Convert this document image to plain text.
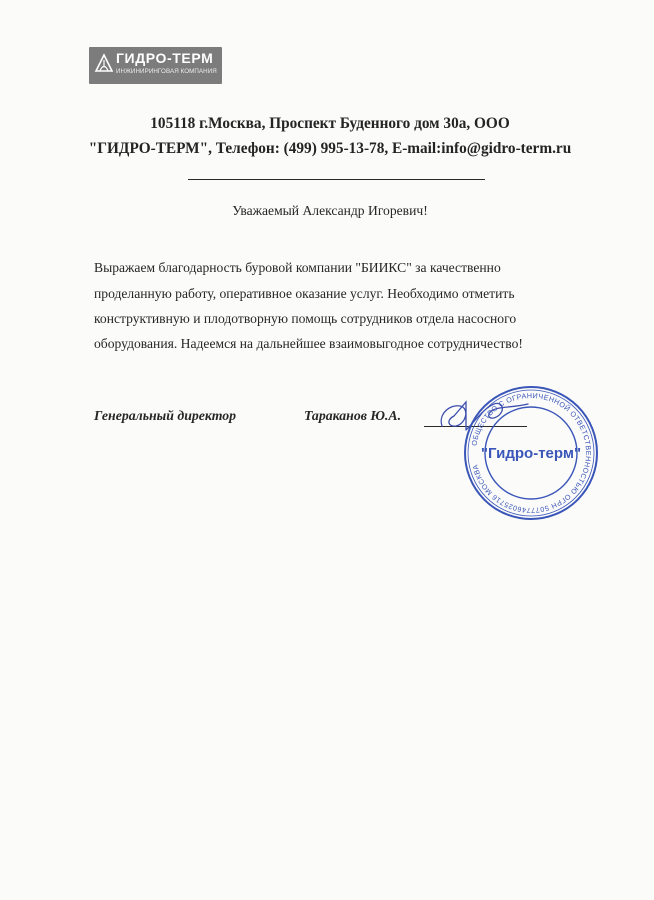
ГИДРО-ТЕРМ
ИНЖИНИРИНГОВАЯ КОМПАНИЯ
105118 г.Москва, Проспект Буденного дом 30а, ООО
"ГИДРО-ТЕРМ", Телефон: (499) 995-13-78, E-mail:info@gidro-term.ru
Уважаемый Александр Игоревич!
Выражаем благодарность буровой компании "БИИКС" за качественно
проделанную работу, оперативное оказание услуг. Необходимо отметить
конструктивную и плодотворную помощь сотрудников отдела насосного
оборудования. Надеемся на дальнейшее взаимовыгодное сотрудничество!
Генеральный директор	Тараканов Ю.А.
ОБЩЕСТВО С ОГРАНИЧЕННОЙ ОТВЕТСТВЕННОСТЬЮ ОГРН 5077746025716 МОСКВА
"Гидро-терм"
